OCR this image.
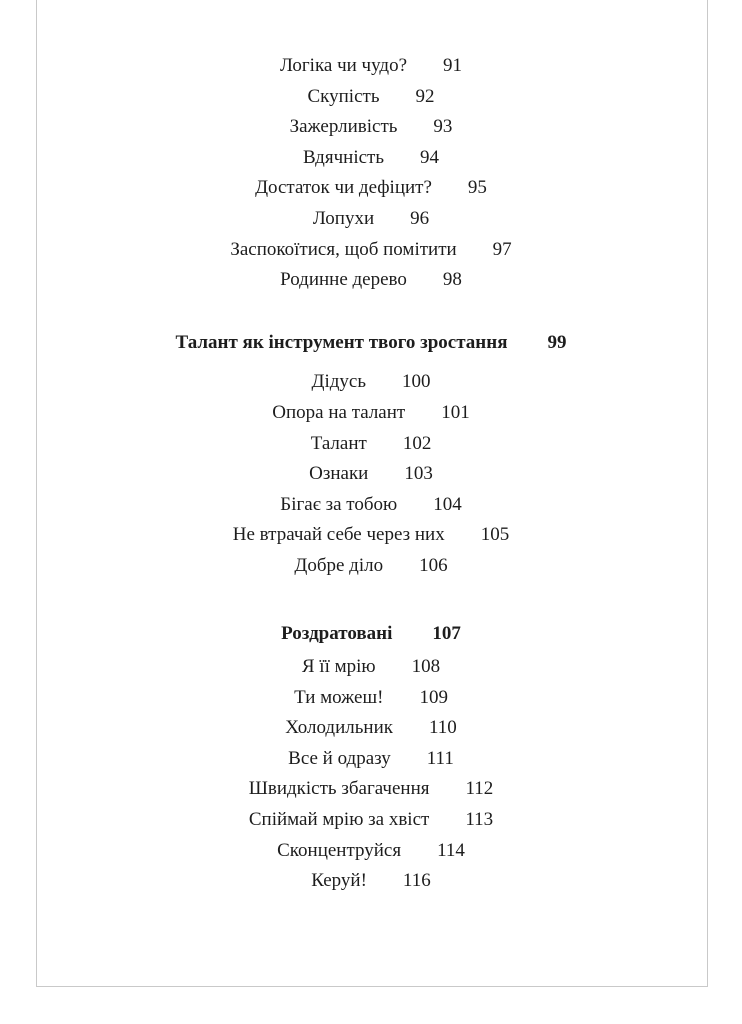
Логіка чи чудо? 91
Скупість 92
Зажерливість 93
Вдячність 94
Достаток чи дефіцит? 95
Лопухи 96
Заспокоїтися, щоб помітити 97
Родинне дерево 98
Талант як інструмент твого зростання 99
Дідусь 100
Опора на талант 101
Талант 102
Ознаки 103
Бігає за тобою 104
Не втрачай себе через них 105
Добре діло 106
Роздратовані 107
Я її мрію 108
Ти можеш! 109
Холодильник 110
Все й одразу 111
Швидкість збагачення 112
Спіймай мрію за хвіст 113
Сконцентруйся 114
Керуй! 116
